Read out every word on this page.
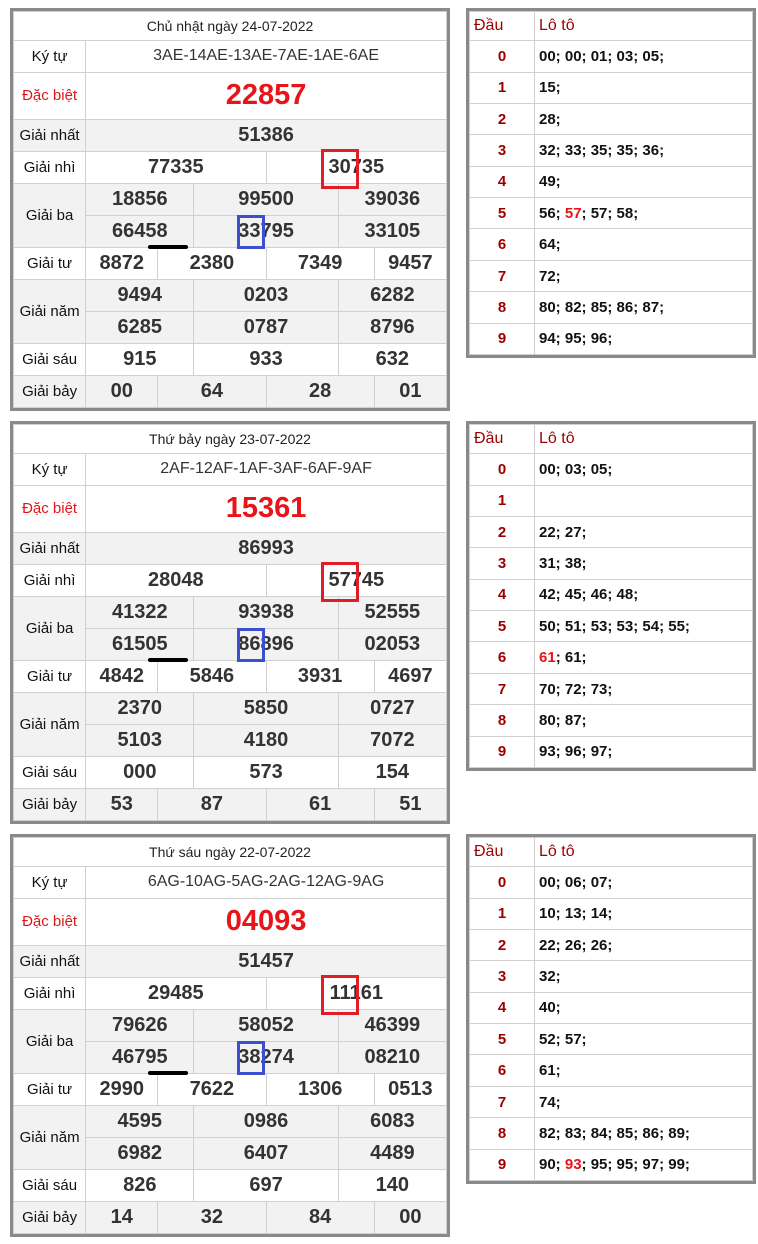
Chủ nhật ngày 24-07-2022						
Ký tự	3AE-14AE-13AE-7AE-1AE-6AE					
Đặc biệt	22857					
Giải nhất	51386					
Giải nhì	77335			30735		
Giải ba	18856		99500		39036	
	66458		33795		33105	
Giải tư	8872	2380		7349		9457
Giải năm	9494		0203		6282	
	6285		0787		8796	
Giải sáu	915		933		632	
Giải bảy	00	64		28		01
Đầu	Lô tô
0	00; 00; 01; 03; 05;
1	15;
2	28;
3	32; 33; 35; 35; 36;
4	49;
5	56; 57; 57; 58;
6	64;
7	72;
8	80; 82; 85; 86; 87;
9	94; 95; 96;
Thứ bảy ngày 23-07-2022						
Ký tự	2AF-12AF-1AF-3AF-6AF-9AF					
Đặc biệt	15361					
Giải nhất	86993					
Giải nhì	28048			57745		
Giải ba	41322		93938		52555	
	61505		86896		02053	
Giải tư	4842	5846		3931		4697
Giải năm	2370		5850		0727	
	5103		4180		7072	
Giải sáu	000		573		154	
Giải bảy	53	87		61		51
Đầu	Lô tô
0	00; 03; 05;
1	
2	22; 27;
3	31; 38;
4	42; 45; 46; 48;
5	50; 51; 53; 53; 54; 55;
6	61; 61;
7	70; 72; 73;
8	80; 87;
9	93; 96; 97;
Thứ sáu ngày 22-07-2022						
Ký tự	6AG-10AG-5AG-2AG-12AG-9AG					
Đặc biệt	04093					
Giải nhất	51457					
Giải nhì	29485			11161		
Giải ba	79626		58052		46399	
	46795		38274		08210	
Giải tư	2990	7622		1306		0513
Giải năm	4595		0986		6083	
	6982		6407		4489	
Giải sáu	826		697		140	
Giải bảy	14	32		84		00
Đầu	Lô tô
0	00; 06; 07;
1	10; 13; 14;
2	22; 26; 26;
3	32;
4	40;
5	52; 57;
6	61;
7	74;
8	82; 83; 84; 85; 86; 89;
9	90; 93; 95; 95; 97; 99;
